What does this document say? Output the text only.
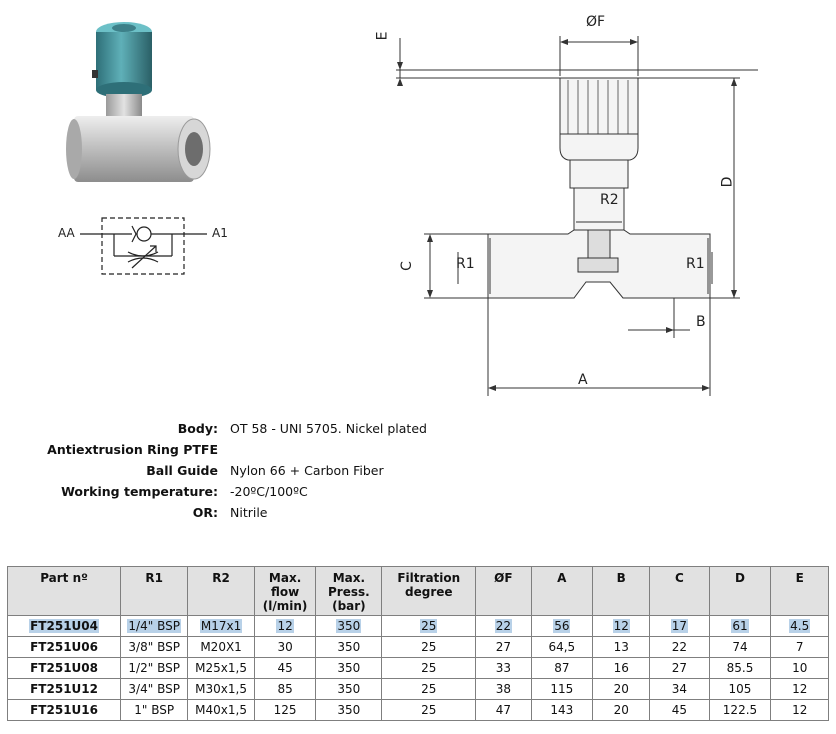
AA	A1
E
ØF
D
R2
C	R1	R1
B
A
Body: OT 58 - UNI 5705. Nickel plated
Antiextrusion Ring PTFE
Ball Guide Nylon 66 + Carbon Fiber
Working temperature: -20ºC/100ºC
OR: Nitrile
Part nº	R1	R2	Max. flow (l/min)	Max. Press. (bar)	Filtration degree	ØF	A	B	C	D	E
FT251U04	1/4" BSP	M17x1	12	350	25	22	56	12	17	61	4.5
FT251U06	3/8" BSP	M20X1	30	350	25	27	64,5	13	22	74	7
FT251U08	1/2" BSP	M25x1,5	45	350	25	33	87	16	27	85.5	10
FT251U12	3/4" BSP	M30x1,5	85	350	25	38	115	20	34	105	12
FT251U16	1" BSP	M40x1,5	125	350	25	47	143	20	45	122.5	12
